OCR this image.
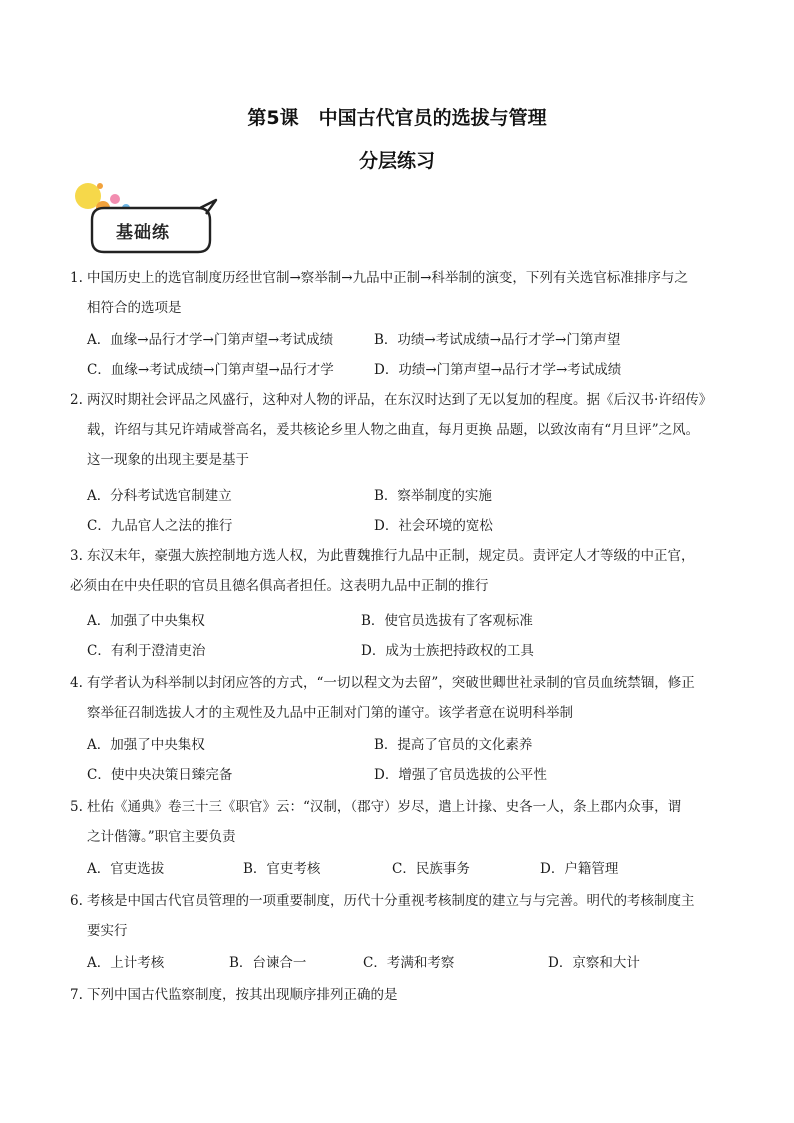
第5课 中国古代官员的选拔与管理
分层练习
基础练
1. 中国历史上的选官制度历经世官制→察举制→九品中正制→科举制的演变，下列有关选官标准排序与之
相符合的选项是
A．血缘→品行才学→门第声望→考试成绩	B．功绩→考试成绩→品行才学→门第声望
C．血缘→考试成绩→门第声望→品行才学	D．功绩→门第声望→品行才学→考试成绩
2. 两汉时期社会评品之风盛行，这种对人物的评品，在东汉时达到了无以复加的程度。据《后汉书·许绍传》
载，许绍与其兄许靖咸誉高名，爰共核论乡里人物之曲直，每月更换 品题，以致汝南有“月旦评”之风。
这一现象的出现主要是基于
A．分科考试选官制建立	B．察举制度的实施
C．九品官人之法的推行	D．社会环境的宽松
3. 东汉末年，豪强大族控制地方选人权，为此曹魏推行九品中正制，规定员。责评定人才等级的中正官，
必须由在中央任职的官员且德名俱高者担任。这表明九品中正制的推行
A．加强了中央集权	B．使官员选拔有了客观标准
C．有利于澄清吏治	D．成为士族把持政权的工具
4. 有学者认为科举制以封闭应答的方式，“一切以程文为去留”，突破世卿世社录制的官员血统禁锢，修正
察举征召制选拔人才的主观性及九品中正制对门第的谨守。该学者意在说明科举制
A．加强了中央集权	B．提高了官员的文化素养
C．使中央决策日臻完备	D．增强了官员选拔的公平性
5. 杜佑《通典》卷三十三《职官》云：“汉制，（郡守）岁尽，遣上计掾、史各一人，条上郡内众事，谓
之计偕簿。”职官主要负责
A．官吏选拔	B．官吏考核	C．民族事务	D．户籍管理
6. 考核是中国古代官员管理的一项重要制度，历代十分重视考核制度的建立与与完善。明代的考核制度主
要实行
A．上计考核	B．台谏合一	C．考满和考察	D．京察和大计
7. 下列中国古代监察制度，按其出现顺序排列正确的是
